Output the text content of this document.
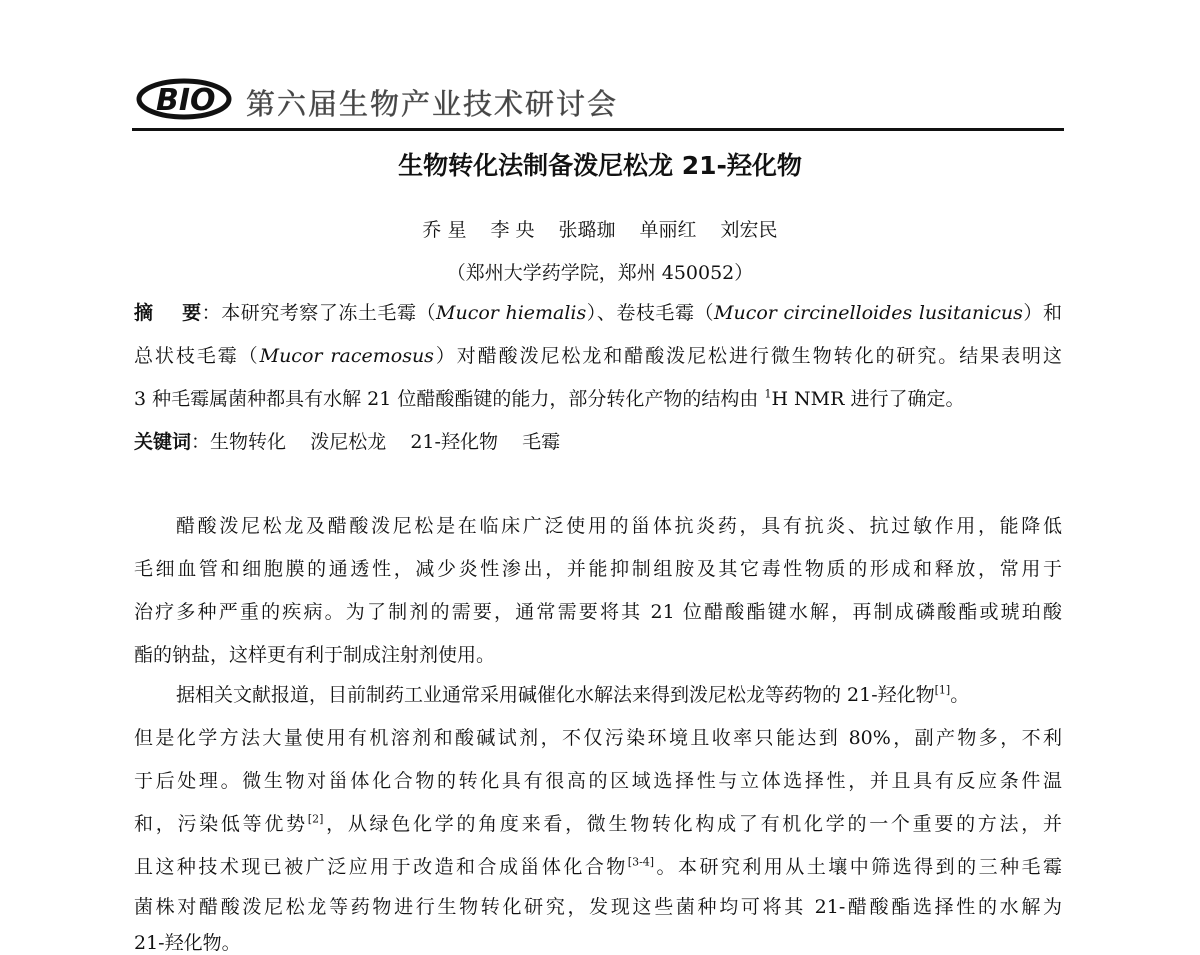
BIO 第六届生物产业技术研讨会
生物转化法制备泼尼松龙 21-羟化物
乔 星 李 央 张璐珈 单丽红 刘宏民
（郑州大学药学院，郑州 450052）
摘    要：本研究考察了冻土毛霉（Mucor hiemalis）、卷枝毛霉（Mucor circinelloides lusitanicus）和
总状枝毛霉（Mucor racemosus）对醋酸泼尼松龙和醋酸泼尼松进行微生物转化的研究。结果表明这
3 种毛霉属菌种都具有水解 21 位醋酸酯键的能力，部分转化产物的结构由 $^1$H NMR 进行了确定。
关键词：生物转化    泼尼松龙    21-羟化物    毛霉
醋酸泼尼松龙及醋酸泼尼松是在临床广泛使用的甾体抗炎药，具有抗炎、抗过敏作用，能降低
毛细血管和细胞膜的通透性，减少炎性渗出，并能抑制组胺及其它毒性物质的形成和释放，常用于
治疗多种严重的疾病。为了制剂的需要，通常需要将其 21 位醋酸酯键水解，再制成磷酸酯或琥珀酸
酯的钠盐，这样更有利于制成注射剂使用。
据相关文献报道，目前制药工业通常采用碱催化水解法来得到泼尼松龙等药物的 21-羟化物[1]。
但是化学方法大量使用有机溶剂和酸碱试剂，不仅污染环境且收率只能达到 80%，副产物多，不利
于后处理。微生物对甾体化合物的转化具有很高的区域选择性与立体选择性，并且具有反应条件温
和，污染低等优势[2]，从绿色化学的角度来看，微生物转化构成了有机化学的一个重要的方法，并
且这种技术现已被广泛应用于改造和合成甾体化合物[3-4]。本研究利用从土壤中筛选得到的三种毛霉
菌株对醋酸泼尼松龙等药物进行生物转化研究，发现这些菌种均可将其 21-醋酸酯选择性的水解为
21-羟化物。
